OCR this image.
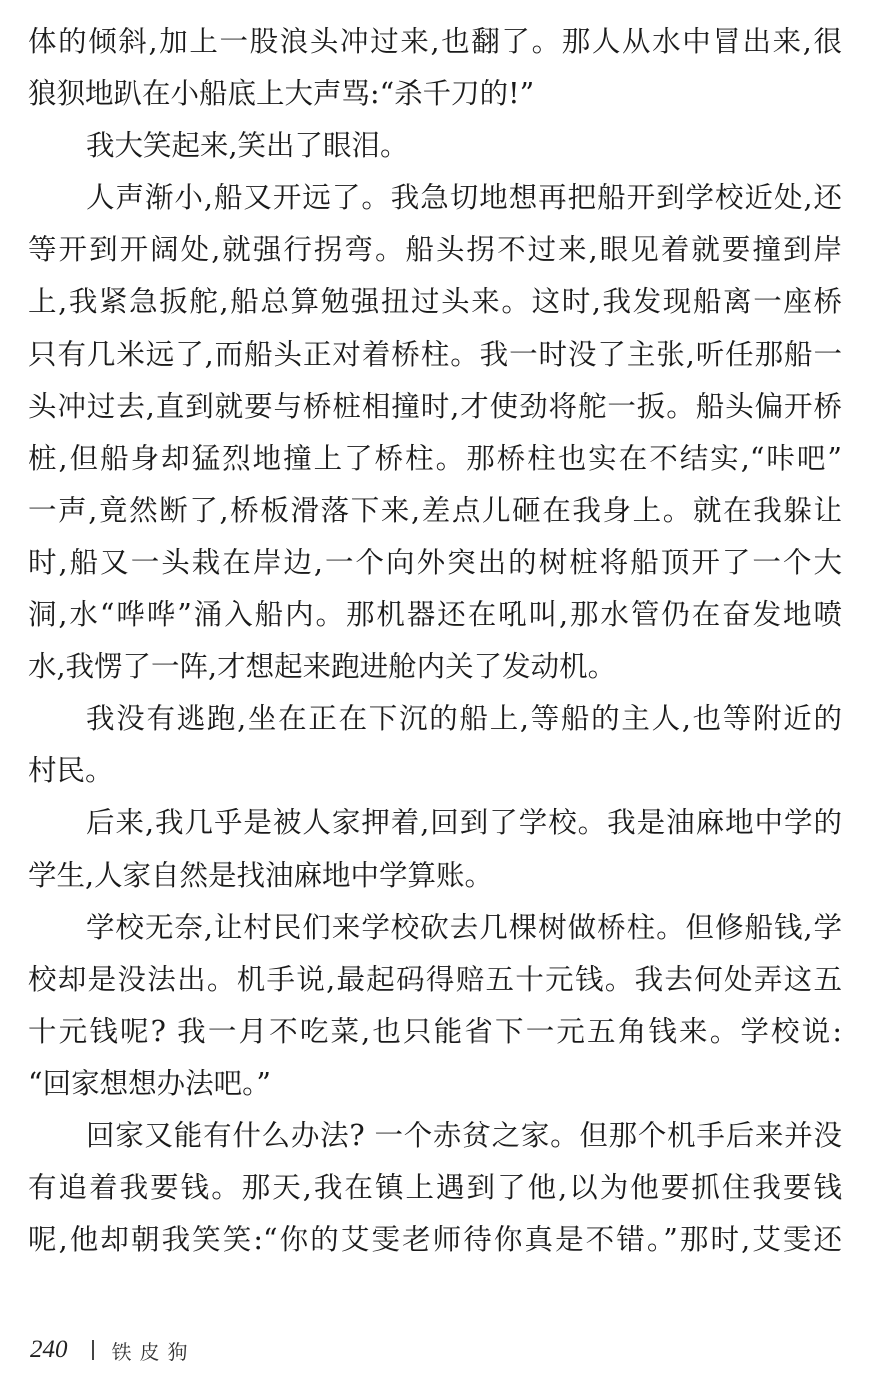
体的倾斜,加上一股浪头冲过来,也翻了。那人从水中冒出来,很
狼狈地趴在小船底上大声骂:“杀千刀的!”
我大笑起来,笑出了眼泪。
人声渐小,船又开远了。我急切地想再把船开到学校近处,还
等开到开阔处,就强行拐弯。船头拐不过来,眼见着就要撞到岸
上,我紧急扳舵,船总算勉强扭过头来。这时,我发现船离一座桥
只有几米远了,而船头正对着桥柱。我一时没了主张,听任那船一
头冲过去,直到就要与桥桩相撞时,才使劲将舵一扳。船头偏开桥
桩,但船身却猛烈地撞上了桥柱。那桥柱也实在不结实,“咔吧”
一声,竟然断了,桥板滑落下来,差点儿砸在我身上。就在我躲让
时,船又一头栽在岸边,一个向外突出的树桩将船顶开了一个大
洞,水“哗哗”涌入船内。那机器还在吼叫,那水管仍在奋发地喷
水,我愣了一阵,才想起来跑进舱内关了发动机。
我没有逃跑,坐在正在下沉的船上,等船的主人,也等附近的
村民。
后来,我几乎是被人家押着,回到了学校。我是油麻地中学的
学生,人家自然是找油麻地中学算账。
学校无奈,让村民们来学校砍去几棵树做桥柱。但修船钱,学
校却是没法出。机手说,最起码得赔五十元钱。我去何处弄这五
十元钱呢? 我一月不吃菜,也只能省下一元五角钱来。学校说:
“回家想想办法吧。”
回家又能有什么办法? 一个赤贫之家。但那个机手后来并没
有追着我要钱。那天,我在镇上遇到了他,以为他要抓住我要钱
呢,他却朝我笑笑:“你的艾雯老师待你真是不错。”那时,艾雯还
240 铁皮狗
